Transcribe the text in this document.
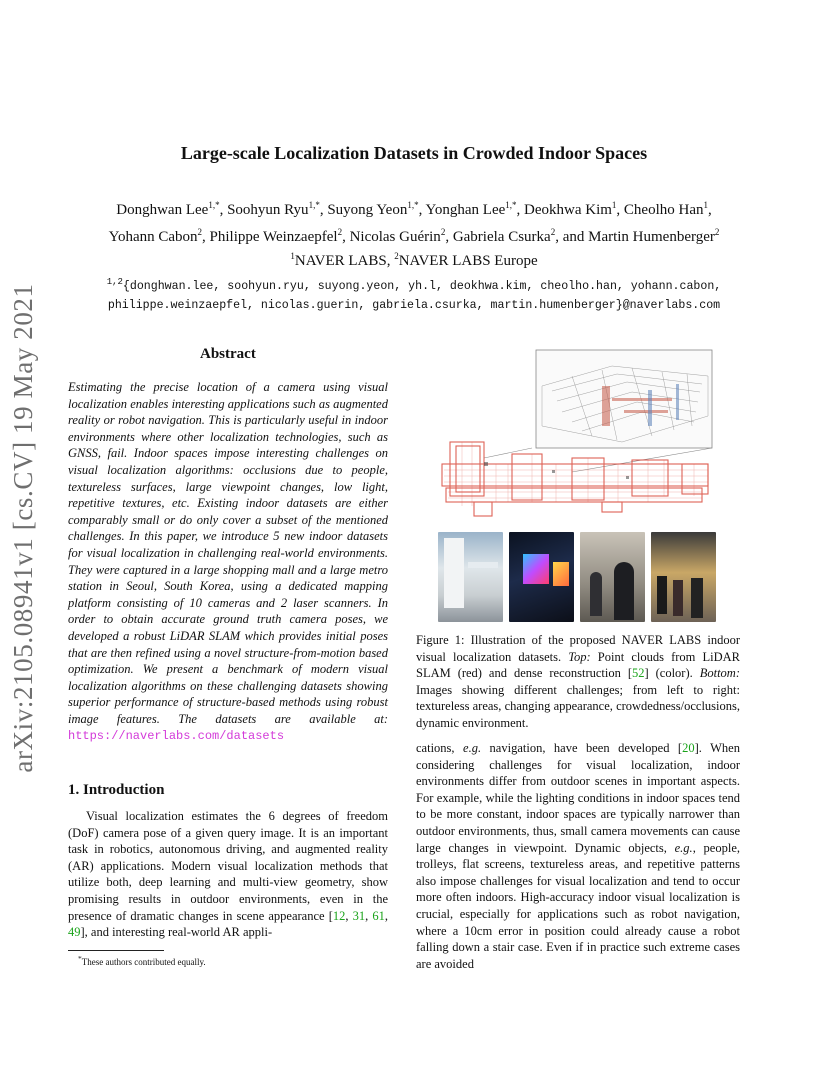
arXiv:2105.08941v1 [cs.CV] 19 May 2021
Large-scale Localization Datasets in Crowded Indoor Spaces
Donghwan Lee$^{1,*}$, Soohyun Ryu$^{1,*}$, Suyong Yeon$^{1,*}$, Yonghan Lee$^{1,*}$, Deokhwa Kim$^1$, Cheolho Han$^1$,
Yohann Cabon$^2$, Philippe Weinzaepfel$^2$, Nicolas Guérin$^2$, Gabriela Csurka$^2$, and Martin Humenberger$^2$
$^1$NAVER LABS, $^2$NAVER LABS Europe
$^{1,2}${donghwan.lee, soohyun.ryu, suyong.yeon, yh.l, deokhwa.kim, cheolho.han, yohann.cabon,
philippe.weinzaepfel, nicolas.guerin, gabriela.csurka, martin.humenberger}@naverlabs.com
Abstract
Estimating the precise location of a camera using visual localization enables interesting applications such as augmented reality or robot navigation. This is particularly useful in indoor environments where other localization technologies, such as GNSS, fail. Indoor spaces impose interesting challenges on visual localization algorithms: occlusions due to people, textureless surfaces, large viewpoint changes, low light, repetitive textures, etc. Existing indoor datasets are either comparably small or do only cover a subset of the mentioned challenges. In this paper, we introduce 5 new indoor datasets for visual localization in challenging real-world environments. They were captured in a large shopping mall and a large metro station in Seoul, South Korea, using a dedicated mapping platform consisting of 10 cameras and 2 laser scanners. In order to obtain accurate ground truth camera poses, we developed a robust LiDAR SLAM which provides initial poses that are then refined using a novel structure-from-motion based optimization. We present a benchmark of modern visual localization algorithms on these challenging datasets showing superior performance of structure-based methods using robust image features. The datasets are available at: https://naverlabs.com/datasets
1. Introduction
Visual localization estimates the 6 degrees of freedom (DoF) camera pose of a given query image. It is an important task in robotics, autonomous driving, and augmented reality (AR) applications. Modern visual localization methods that utilize both, deep learning and multi-view geometry, show promising results in outdoor environments, even in the presence of dramatic changes in scene appearance [12, 31, 61, 49], and interesting real-world AR appli-
*These authors contributed equally.
Figure 1: Illustration of the proposed NAVER LABS indoor visual localization datasets. Top: Point clouds from LiDAR SLAM (red) and dense reconstruction [52] (color). Bottom: Images showing different challenges; from left to right: textureless areas, changing appearance, crowdedness/occlusions, dynamic environment.
cations, e.g. navigation, have been developed [20]. When considering challenges for visual localization, indoor environments differ from outdoor scenes in important aspects. For example, while the lighting conditions in indoor spaces tend to be more constant, indoor spaces are typically narrower than outdoor environments, thus, small camera movements can cause large changes in viewpoint. Dynamic objects, e.g., people, trolleys, flat screens, textureless areas, and repetitive patterns also impose challenges for visual localization and tend to occur more often indoors. High-accuracy indoor visual localization is crucial, especially for applications such as robot navigation, where a 10cm error in position could already cause a robot falling down a stair case. Even if in practice such extreme cases are avoided
